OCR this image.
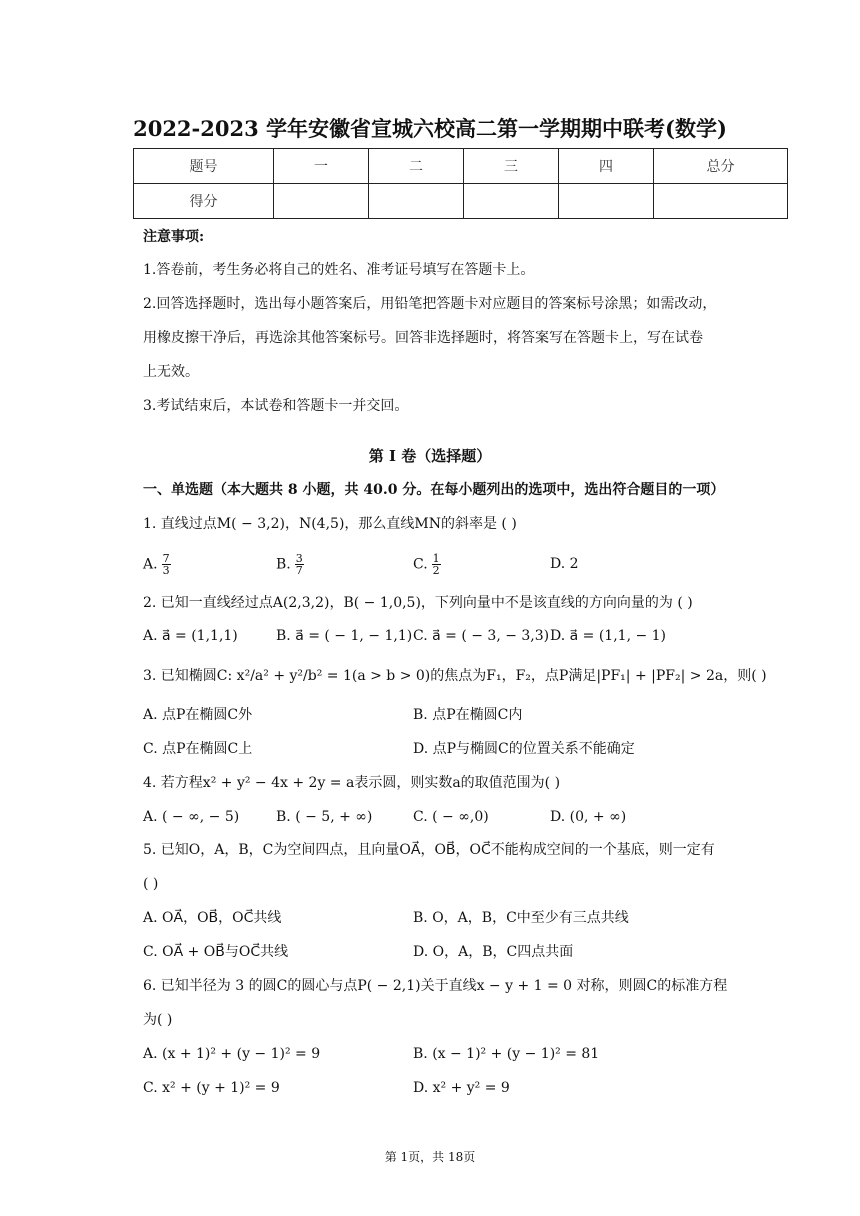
2022-2023 学年安徽省宣城六校高二第一学期期中联考(数学)
题号	一	二	三	四	总分
得分					
注意事项:
1.答卷前，考生务必将自己的姓名、准考证号填写在答题卡上。
2.回答选择题时，选出每小题答案后，用铅笔把答题卡对应题目的答案标号涂黑；如需改动，
用橡皮擦干净后，再选涂其他答案标号。回答非选择题时，将答案写在答题卡上，写在试卷
上无效。
3.考试结束后，本试卷和答题卡一并交回。
第 I 卷（选择题）
一、单选题（本大题共 8 小题，共 40.0 分。在每小题列出的选项中，选出符合题目的一项）
1. 直线过点M( − 3,2)，N(4,5)，那么直线MN的斜率是 ( )
A. $\frac{7}{3}$	B. $\frac{3}{7}$	C. $\frac{1}{2}$	D. 2
2. 已知一直线经过点A(2,3,2)，B( − 1,0,5)，下列向量中不是该直线的方向向量的为 ( )
A. a⃗ = (1,1,1)	B. a⃗ = ( − 1, − 1,1) C. a⃗ = ( − 3, − 3,3) D. a⃗ = (1,1, − 1)
3. 已知椭圆C: x²/a² + y²/b² = 1(a > b > 0)的焦点为F₁，F₂，点P满足|PF₁| + |PF₂| > 2a，则( )
A. 点P在椭圆C外	B. 点P在椭圆C内
C. 点P在椭圆C上	D. 点P与椭圆C的位置关系不能确定
4. 若方程x² + y² − 4x + 2y = a表示圆，则实数a的取值范围为( )
A. ( − ∞, − 5)	B. ( − 5, + ∞)	C. ( − ∞,0)	D. (0, + ∞)
5. 已知O，A，B，C为空间四点，且向量OA⃗，OB⃗，OC⃗不能构成空间的一个基底，则一定有
( )
A. OA⃗，OB⃗，OC⃗共线	B. O，A，B，C中至少有三点共线
C. OA⃗ + OB⃗与OC⃗共线	D. O，A，B，C四点共面
6. 已知半径为 3 的圆C的圆心与点P( − 2,1)关于直线x − y + 1 = 0 对称，则圆C的标准方程
为( )
A. (x + 1)² + (y − 1)² = 9	B. (x − 1)² + (y − 1)² = 81
C. x² + (y + 1)² = 9	D. x² + y² = 9
第 1页，共 18页
